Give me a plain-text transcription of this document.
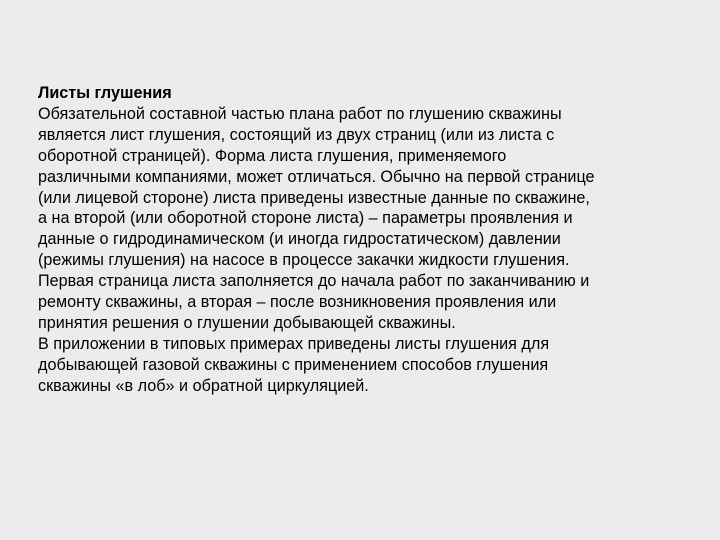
Листы глушения
Обязательной составной частью плана работ по глушению скважины
является лист глушения, состоящий из двух страниц (или из листа с
оборотной страницей). Форма листа глушения, применяемого
различными компаниями, может отличаться. Обычно на первой странице
(или лицевой стороне) листа приведены известные данные по скважине,
а на второй (или оборотной стороне листа) – параметры проявления и
данные о гидродинамическом (и иногда гидростатическом) давлении
(режимы глушения) на насосе в процессе закачки жидкости глушения.
Первая страница листа заполняется до начала работ по заканчиванию и
ремонту скважины, а вторая – после возникновения проявления или
принятия решения о глушении добывающей скважины.
В приложении в типовых примерах приведены листы глушения для
добывающей газовой скважины с применением способов глушения
скважины «в лоб» и обратной циркуляцией.
